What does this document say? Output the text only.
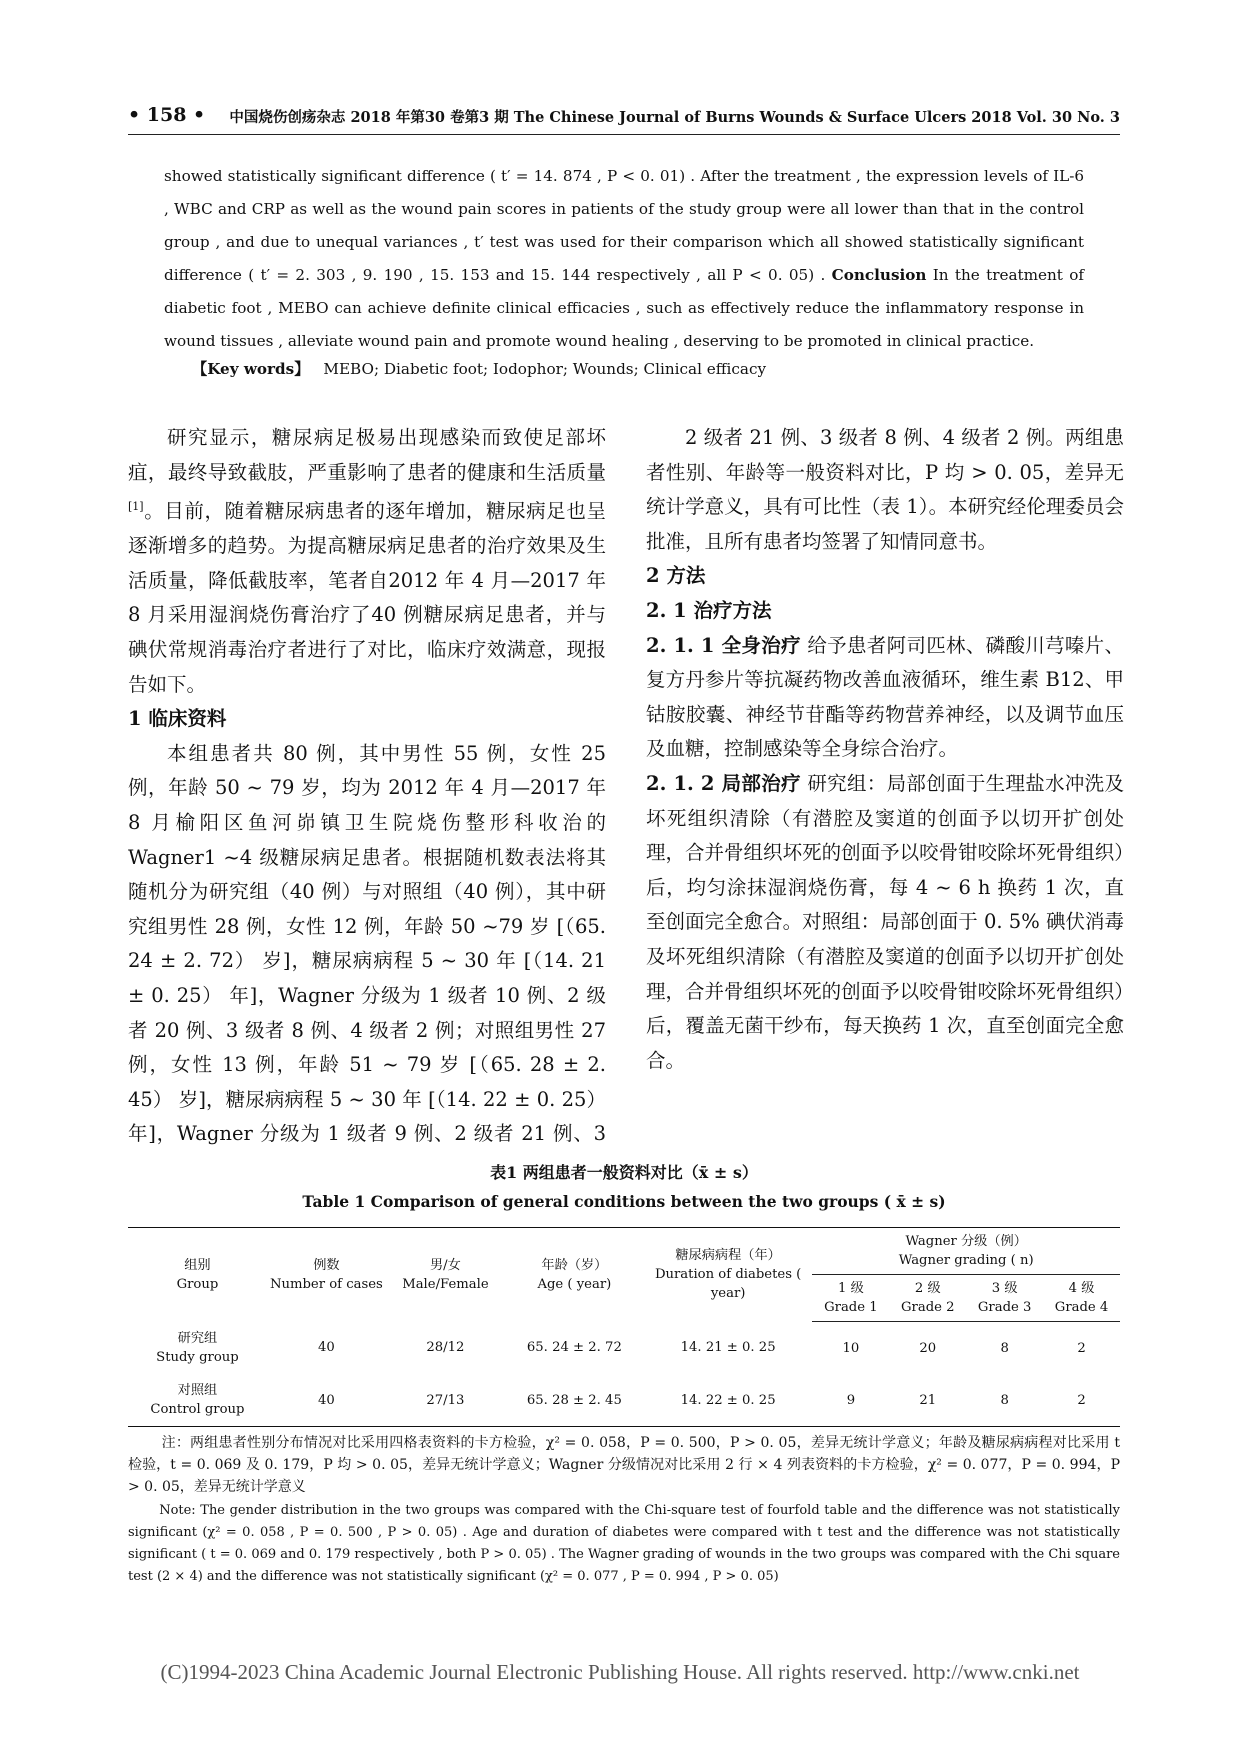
• 158 • 中国烧伤创疡杂志 2018 年第30 卷第3 期 The Chinese Journal of Burns Wounds & Surface Ulcers 2018 Vol. 30 No. 3
showed statistically significant difference ( t′ = 14. 874 , P < 0. 01) . After the treatment , the expression levels of IL-6 , WBC and CRP as well as the wound pain scores in patients of the study group were all lower than that in the control group , and due to unequal variances , t′ test was used for their comparison which all showed statistically significant difference ( t′ = 2. 303 , 9. 190 , 15. 153 and 15. 144 respectively , all P < 0. 05) . Conclusion In the treatment of diabetic foot , MEBO can achieve definite clinical efficacies , such as effectively reduce the inflammatory response in wound tissues , alleviate wound pain and promote wound healing , deserving to be promoted in clinical practice.
【Key words】 MEBO; Diabetic foot; Iodophor; Wounds; Clinical efficacy

研究显示，糖尿病足极易出现感染而致使足部坏疽，最终导致截肢，严重影响了患者的健康和生活质量[1]。目前，随着糖尿病患者的逐年增加，糖尿病足也呈逐渐增多的趋势。为提高糖尿病足患者的治疗效果及生活质量，降低截肢率，笔者自2012 年 4 月—2017 年 8 月采用湿润烧伤膏治疗了40 例糖尿病足患者，并与碘伏常规消毒治疗者进行了对比，临床疗效满意，现报告如下。

1 临床资料

本组患者共 80 例，其中男性 55 例，女性 25 例，年龄 50 ~ 79 岁，均为 2012 年 4 月—2017 年 8 月榆阳区鱼河峁镇卫生院烧伤整形科收治的 Wagner1 ~4 级糖尿病足患者。根据随机数表法将其随机分为研究组（40 例）与对照组（40 例），其中研究组男性 28 例，女性 12 例，年龄 50 ~79 岁 [（65. 24 ± 2. 72） 岁]，糖尿病病程 5 ~ 30 年 [（14. 21 ± 0. 25） 年]，Wagner 分级为 1 级者 10 例、2 级者 20 例、3 级者 8 例、4 级者 2 例；对照组男性 27 例，女性 13 例，年龄 51 ~ 79 岁 [（65. 28 ± 2. 45） 岁]，糖尿病病程 5 ~ 30 年 [（14. 22 ± 0. 25） 年]，Wagner 分级为 1 级者 9 例、2 级者 21 例、3

2 级者 21 例、3 级者 8 例、4 级者 2 例。两组患者性别、年龄等一般资料对比，P 均 > 0. 05，差异无统计学意义，具有可比性（表 1）。本研究经伦理委员会批准，且所有患者均签署了知情同意书。

2 方法

2. 1 治疗方法

2. 1. 1 全身治疗 给予患者阿司匹林、磷酸川芎嗪片、复方丹参片等抗凝药物改善血液循环，维生素 B12、甲钴胺胶囊、神经节苷酯等药物营养神经，以及调节血压及血糖，控制感染等全身综合治疗。

2. 1. 2 局部治疗 研究组：局部创面于生理盐水冲洗及坏死组织清除（有潜腔及窦道的创面予以切开扩创处理，合并骨组织坏死的创面予以咬骨钳咬除坏死骨组织）后，均匀涂抹湿润烧伤膏，每 4 ~ 6 h 换药 1 次，直至创面完全愈合。对照组：局部创面于 0. 5% 碘伏消毒及坏死组织清除（有潜腔及窦道的创面予以切开扩创处理，合并骨组织坏死的创面予以咬骨钳咬除坏死骨组织）后，覆盖无菌干纱布，每天换药 1 次，直至创面完全愈合。

表1 两组患者一般资料对比（x̄ ± s）
Table 1 Comparison of general conditions between the two groups ( x̄ ± s)
组别
Group	例数
Number of cases	男/女
Male/Female	年龄（岁）
Age ( year)	糖尿病病程（年）
Duration of diabetes ( year)	Wagner 分级（例）
Wagner grading ( n)			

					1 级
Grade 1	2 级
Grade 2	3 级
Grade 3	4 级
Grade 4

研究组
Study group	40	28/12	65. 24 ± 2. 72	14. 21 ± 0. 25	10	20	8	2

对照组
Control group	40	27/13	65. 28 ± 2. 45	14. 22 ± 0. 25	9	21	8	2
注：两组患者性别分布情况对比采用四格表资料的卡方检验，χ² = 0. 058，P = 0. 500，P > 0. 05，差异无统计学意义；年龄及糖尿病病程对比采用 t 检验，t = 0. 069 及 0. 179，P 均 > 0. 05，差异无统计学意义；Wagner 分级情况对比采用 2 行 × 4 列表资料的卡方检验，χ² = 0. 077，P = 0. 994，P > 0. 05，差异无统计学意义
Note: The gender distribution in the two groups was compared with the Chi-square test of fourfold table and the difference was not statistically significant (χ² = 0. 058 , P = 0. 500 , P > 0. 05) . Age and duration of diabetes were compared with t test and the difference was not statistically significant ( t = 0. 069 and 0. 179 respectively , both P > 0. 05) . The Wagner grading of wounds in the two groups was compared with the Chi square test (2 × 4) and the difference was not statistically significant (χ² = 0. 077 , P = 0. 994 , P > 0. 05)
(C)1994-2023 China Academic Journal Electronic Publishing House. All rights reserved. http://www.cnki.net
